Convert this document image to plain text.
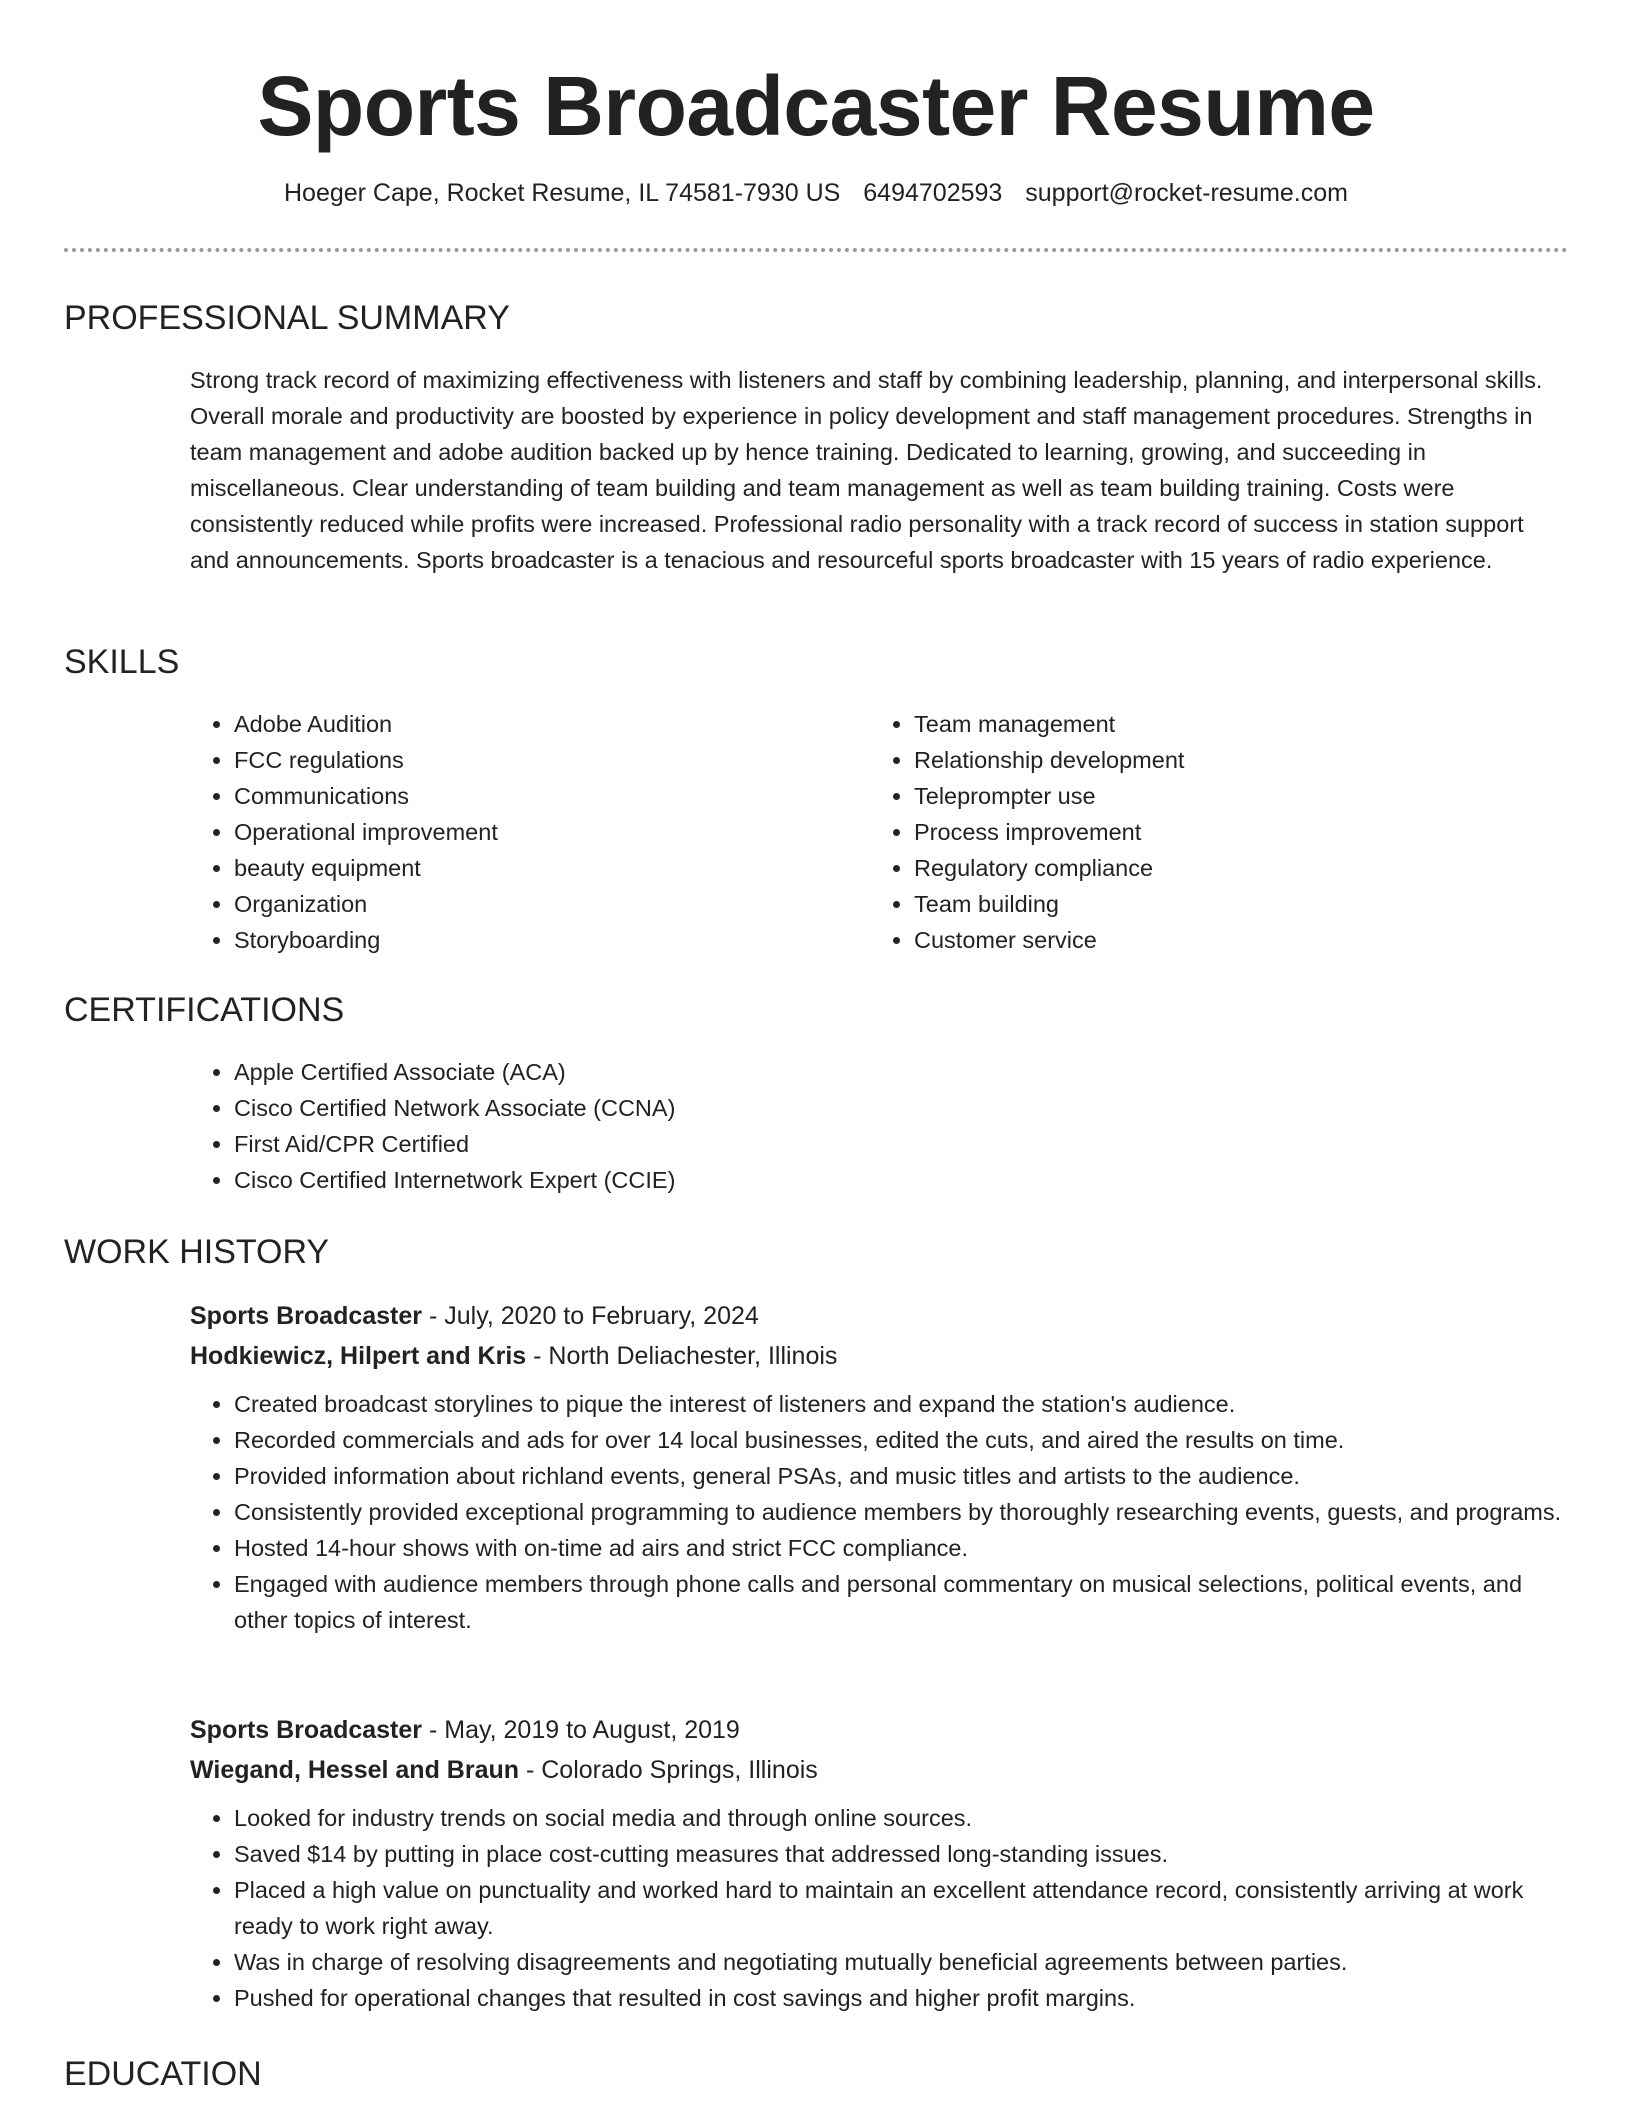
Sports Broadcaster Resume
Hoeger Cape, Rocket Resume, IL 74581-7930 US 6494702593 support@rocket-resume.com
PROFESSIONAL SUMMARY

Strong track record of maximizing effectiveness with listeners and staff by combining leadership, planning, and interpersonal skills. Overall morale and productivity are boosted by experience in policy development and staff management procedures. Strengths in team management and adobe audition backed up by hence training. Dedicated to learning, growing, and succeeding in miscellaneous. Clear understanding of team building and team management as well as team building training. Costs were consistently reduced while profits were increased. Professional radio personality with a track record of success in station support and announcements. Sports broadcaster is a tenacious and resourceful sports broadcaster with 15 years of radio experience.

SKILLS
• Adobe Audition
• FCC regulations
• Communications
• Operational improvement
• beauty equipment
• Organization
• Storyboarding
• Team management
• Relationship development
• Teleprompter use
• Process improvement
• Regulatory compliance
• Team building
• Customer service
CERTIFICATIONS
• Apple Certified Associate (ACA)
• Cisco Certified Network Associate (CCNA)
• First Aid/CPR Certified
• Cisco Certified Internetwork Expert (CCIE)
WORK HISTORY

Sports Broadcaster - July, 2020 to February, 2024

Hodkiewicz, Hilpert and Kris - North Deliachester, Illinois

• Created broadcast storylines to pique the interest of listeners and expand the station's audience.
• Recorded commercials and ads for over 14 local businesses, edited the cuts, and aired the results on time.
• Provided information about richland events, general PSAs, and music titles and artists to the audience.
• Consistently provided exceptional programming to audience members by thoroughly researching events, guests, and programs.
• Hosted 14-hour shows with on-time ad airs and strict FCC compliance.
• Engaged with audience members through phone calls and personal commentary on musical selections, political events, and other topics of interest.

Sports Broadcaster - May, 2019 to August, 2019

Wiegand, Hessel and Braun - Colorado Springs, Illinois

• Looked for industry trends on social media and through online sources.
• Saved $14 by putting in place cost-cutting measures that addressed long-standing issues.
• Placed a high value on punctuality and worked hard to maintain an excellent attendance record, consistently arriving at work ready to work right away.
• Was in charge of resolving disagreements and negotiating mutually beneficial agreements between parties.
• Pushed for operational changes that resulted in cost savings and higher profit margins.
EDUCATION
